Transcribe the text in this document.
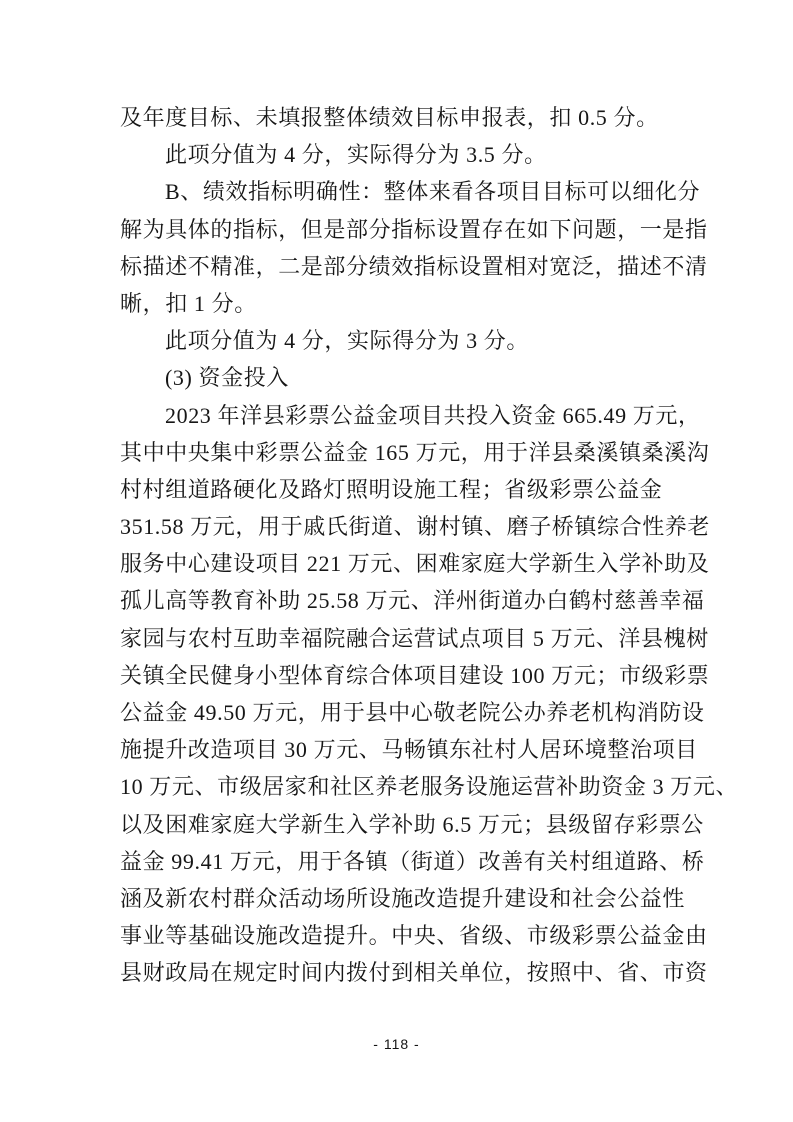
及年度目标、未填报整体绩效目标申报表，扣 0.5 分。
此项分值为 4 分，实际得分为 3.5 分。
B、绩效指标明确性：整体来看各项目目标可以细化分
解为具体的指标，但是部分指标设置存在如下问题，一是指
标描述不精准，二是部分绩效指标设置相对宽泛，描述不清
晰，扣 1 分。
此项分值为 4 分，实际得分为 3 分。
(3) 资金投入
2023 年洋县彩票公益金项目共投入资金 665.49 万元，
其中中央集中彩票公益金 165 万元，用于洋县桑溪镇桑溪沟
村村组道路硬化及路灯照明设施工程；省级彩票公益金
351.58 万元，用于戚氏街道、谢村镇、磨子桥镇综合性养老
服务中心建设项目 221 万元、困难家庭大学新生入学补助及
孤儿高等教育补助 25.58 万元、洋州街道办白鹤村慈善幸福
家园与农村互助幸福院融合运营试点项目 5 万元、洋县槐树
关镇全民健身小型体育综合体项目建设 100 万元；市级彩票
公益金 49.50 万元，用于县中心敬老院公办养老机构消防设
施提升改造项目 30 万元、马畅镇东社村人居环境整治项目
10 万元、市级居家和社区养老服务设施运营补助资金 3 万元、
以及困难家庭大学新生入学补助 6.5 万元；县级留存彩票公
益金 99.41 万元，用于各镇（街道）改善有关村组道路、桥
涵及新农村群众活动场所设施改造提升建设和社会公益性
事业等基础设施改造提升。中央、省级、市级彩票公益金由
县财政局在规定时间内拨付到相关单位，按照中、省、市资
- 118 -
